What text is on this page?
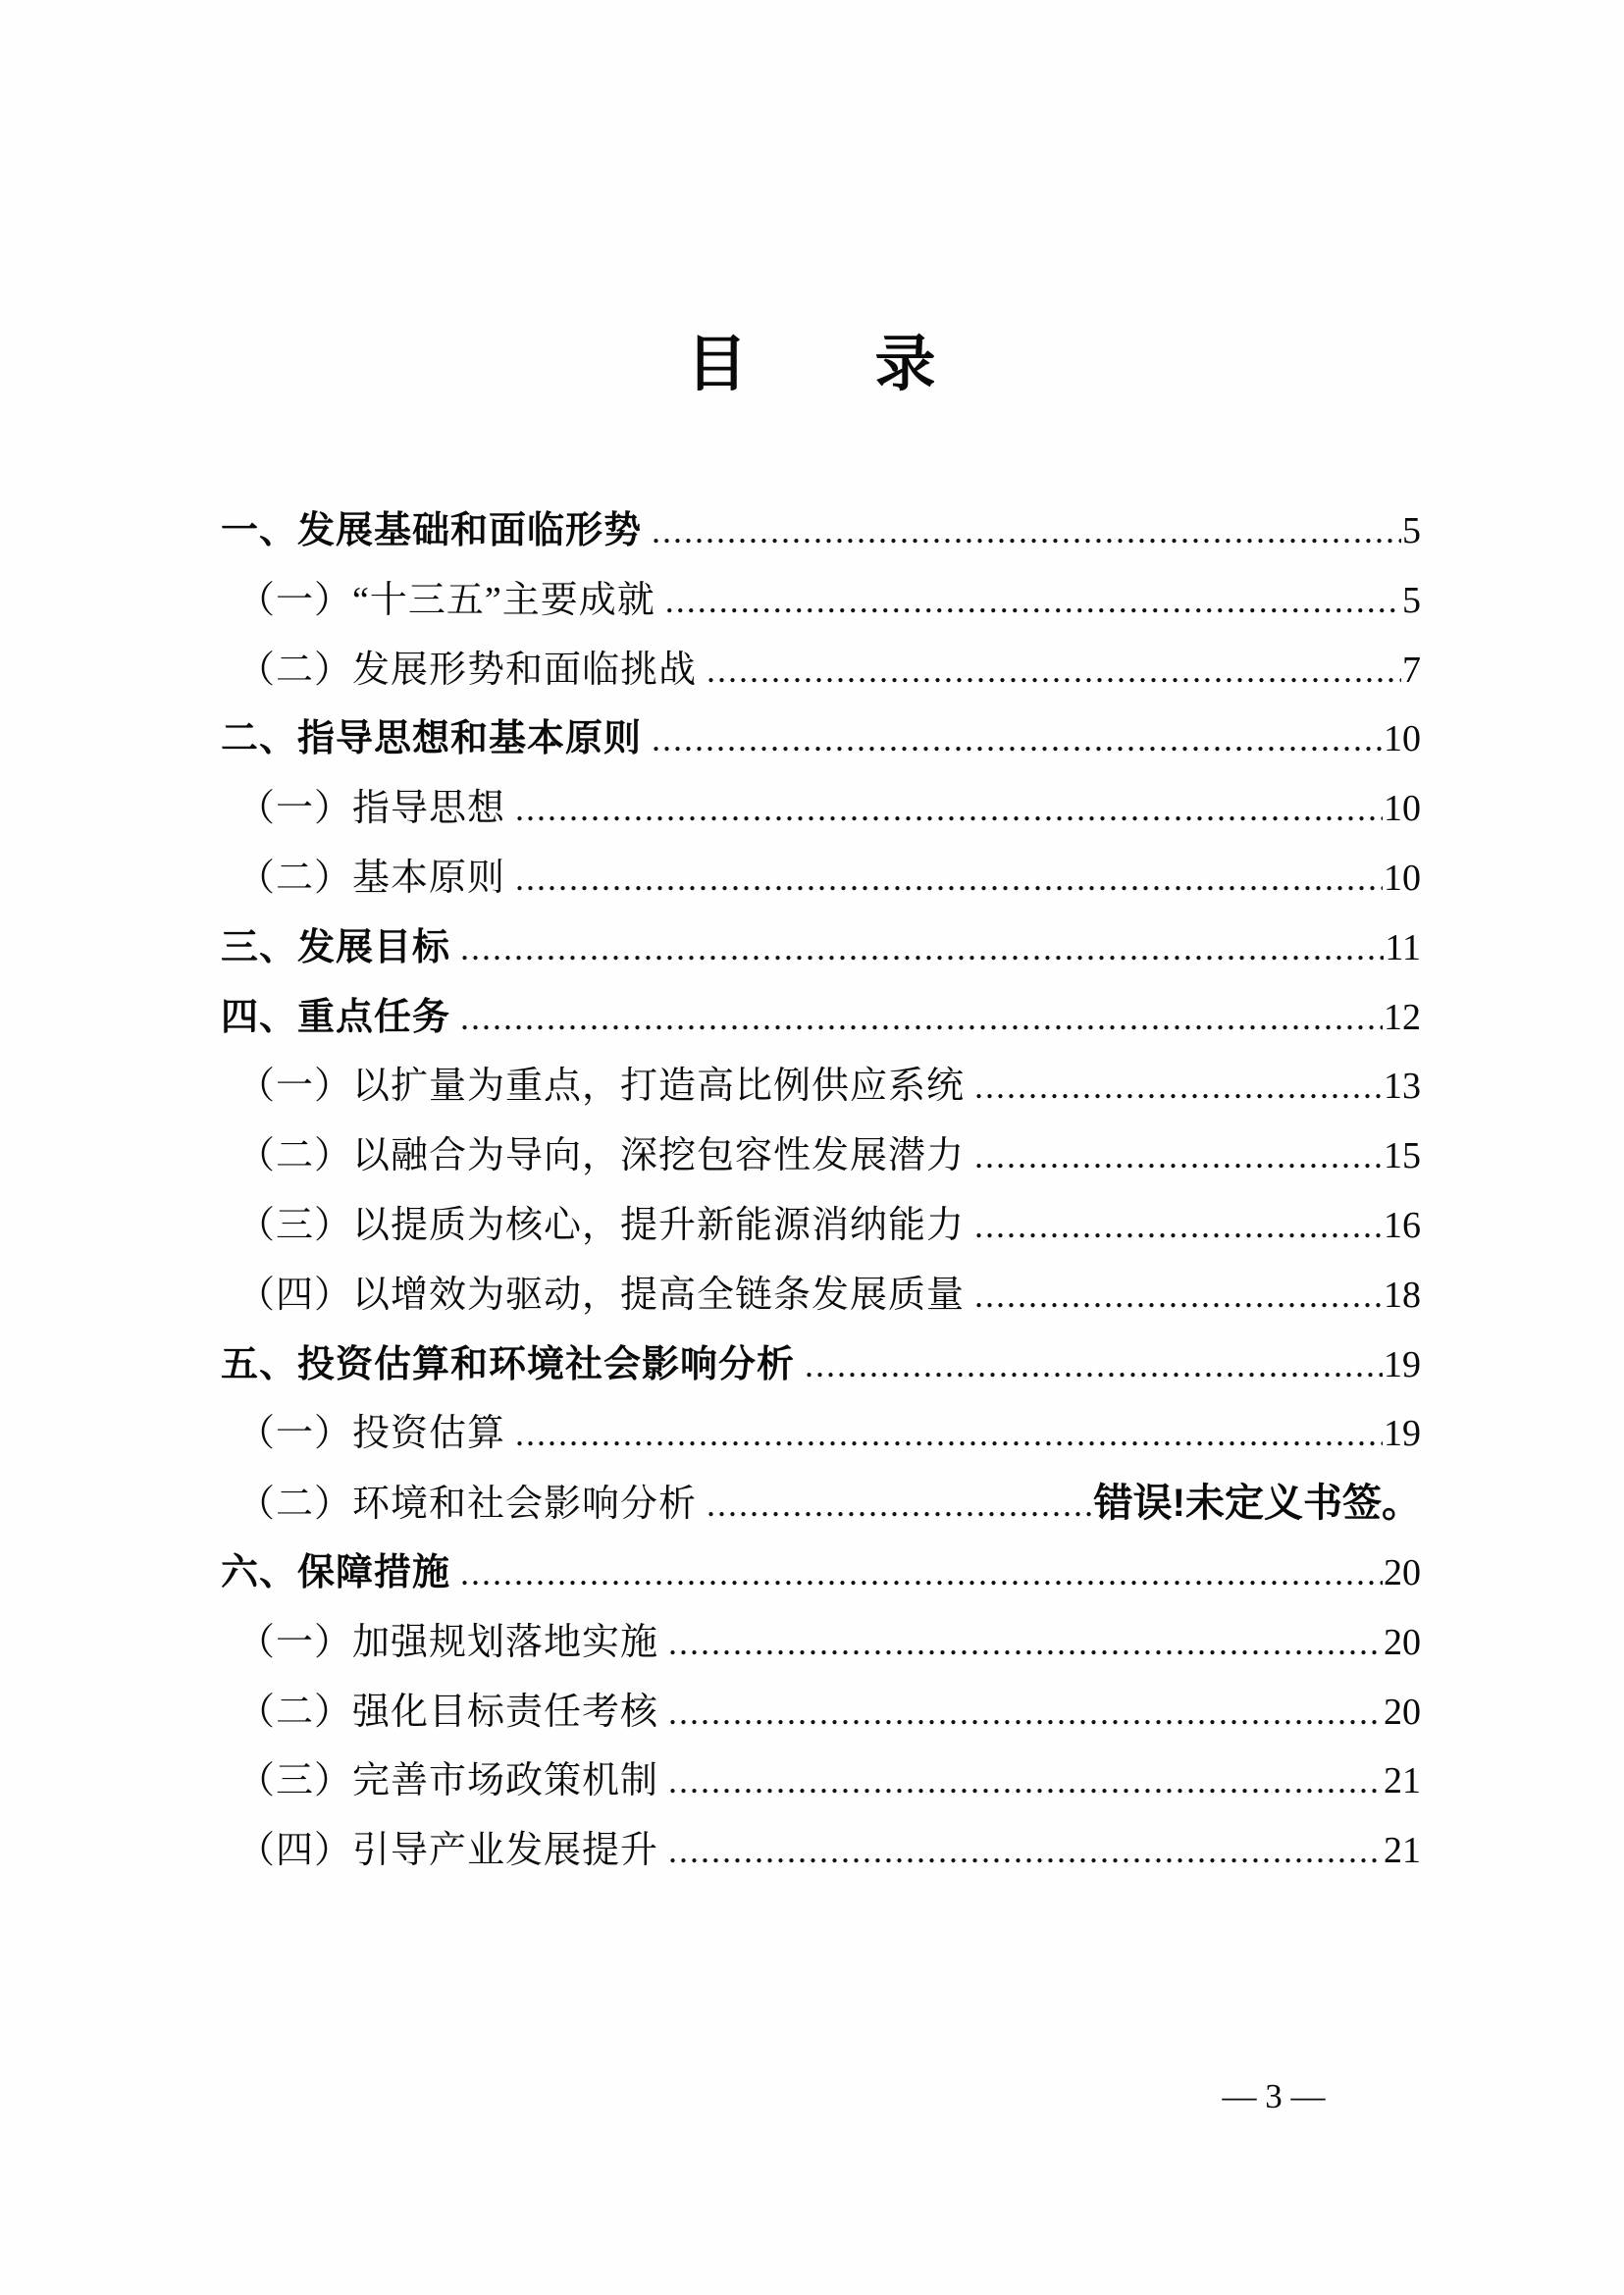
目　　录
一、发展基础和面临形势 .....	5
（一）“十三五”主要成就 .....	5
（二）发展形势和面临挑战 .....	7
二、指导思想和基本原则 .....	10
（一）指导思想 .....	10
（二）基本原则 .....	10
三、发展目标 .....	11
四、重点任务 .....	12
（一）以扩量为重点，打造高比例供应系统 .....	13
（二）以融合为导向，深挖包容性发展潜力 .....	15
（三）以提质为核心，提升新能源消纳能力 .....	16
（四）以增效为驱动，提高全链条发展质量 .....	18
五、投资估算和环境社会影响分析 .....	19
（一）投资估算 .....	19
（二）环境和社会影响分析 .....	错误!未定义书签。
六、保障措施 .....	20
（一）加强规划落地实施 .....	20
（二）强化目标责任考核 .....	20
（三）完善市场政策机制 .....	21
（四）引导产业发展提升 .....	21
— 3 —
